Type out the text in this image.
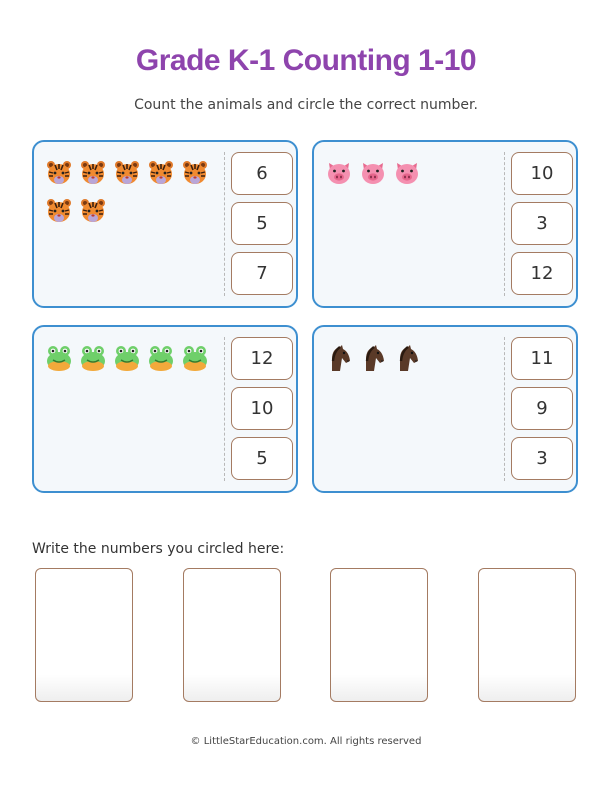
Grade K-1 Counting 1-10
Count the animals and circle the correct number.
6
5
7
10
3
12
12
10
5
11
9
3
Write the numbers you circled here:
© LittleStarEducation.com. All rights reserved
